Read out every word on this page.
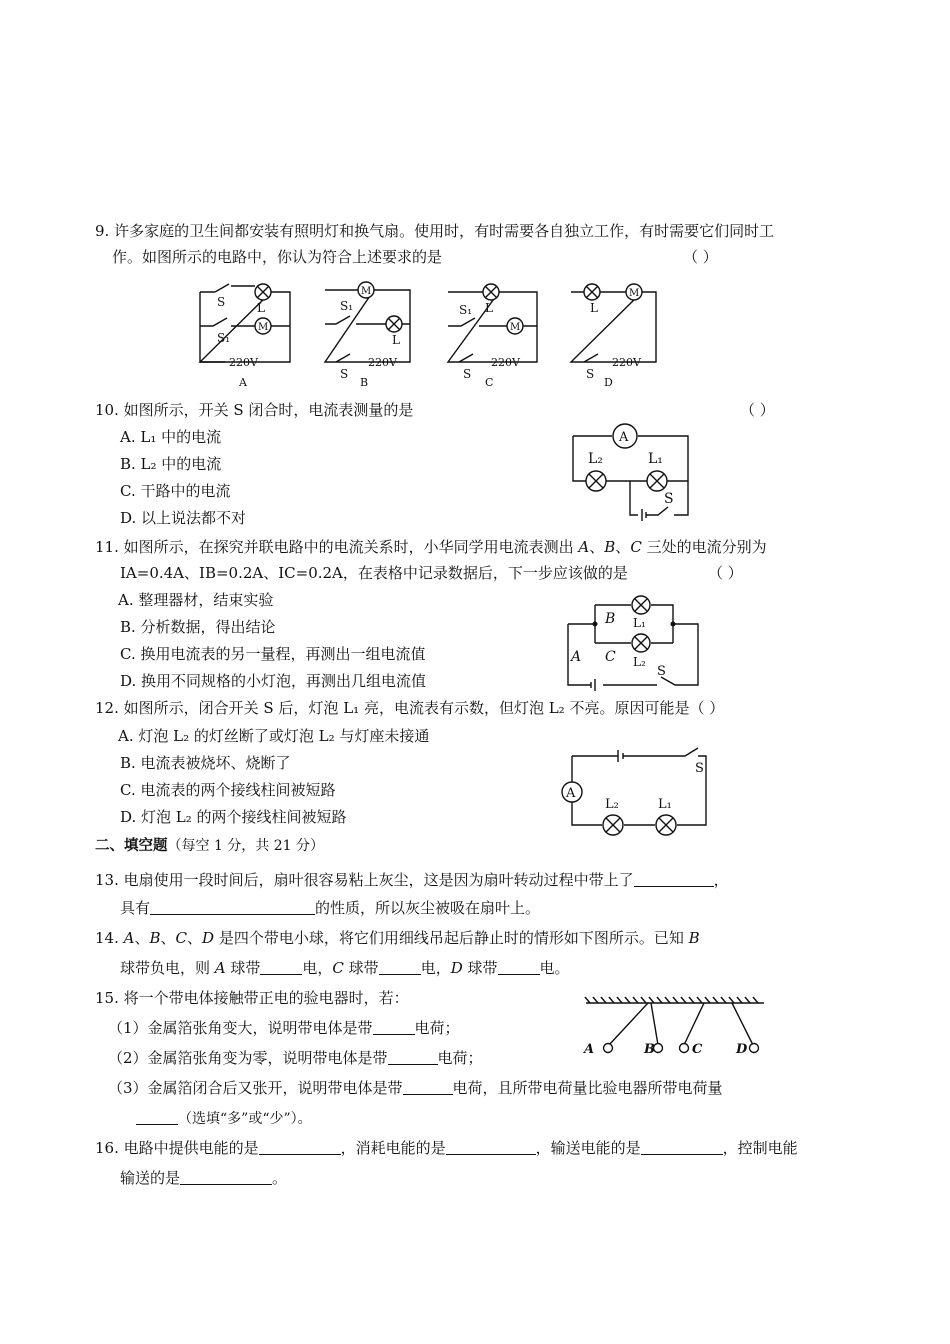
9. 许多家庭的卫生间都安装有照明灯和换气扇。使用时，有时需要各自独立工作，有时需要它们同时工
作。如图所示的电路中，你认为符合上述要求的是	（ ）
M
S	L
S₁
220V
A
M
S₁
L
S
220V
B
L
M
S₁
S
220V
C
M
L
S
220V
D
10. 如图所示，开关 S 闭合时，电流表测量的是	（ ）
A. L₁ 中的电流
B. L₂ 中的电流
C. 干路中的电流
D. 以上说法都不对
A
L₂	L₁
S
11. 如图所示，在探究并联电路中的电流关系时，小华同学用电流表测出 A、B、C 三处的电流分别为
IA=0.4A、IB=0.2A、IC=0.2A，在表格中记录数据后，下一步应该做的是	（ ）
A. 整理器材，结束实验
B. 分析数据，得出结论
C. 换用电流表的另一量程，再测出一组电流值
D. 换用不同规格的小灯泡，再测出几组电流值
B
C
A
L₁
L₂
S
12. 如图所示，闭合开关 S 后，灯泡 L₁ 亮，电流表有示数，但灯泡 L₂ 不亮。原因可能是（ ）
A. 灯泡 L₂ 的灯丝断了或灯泡 L₂ 与灯座未接通
B. 电流表被烧坏、烧断了
C. 电流表的两个接线柱间被短路
D. 灯泡 L₂ 的两个接线柱间被短路
A
S
L₂	L₁
二、填空题（每空 1 分，共 21 分）
13. 电扇使用一段时间后，扇叶很容易粘上灰尘，这是因为扇叶转动过程中带上了	，
具有	的性质，所以灰尘被吸在扇叶上。
14. A、B、C、D 是四个带电小球，将它们用细线吊起后静止时的情形如下图所示。已知 B
球带负电，则 A 球带	电，C 球带	电，D 球带	电。
15. 将一个带电体接触带正电的验电器时，若：
（1）金属箔张角变大，说明带电体是带	电荷；
（2）金属箔张角变为零，说明带电体是带	电荷；
（3）金属箔闭合后又张开，说明带电体是带	电荷，且所带电荷量比验电器所带电荷量
（选填“多”或“少”）。
A	B	C	D
16. 电路中提供电能的是	，消耗电能的是	，输送电能的是	，控制电能
输送的是	。
